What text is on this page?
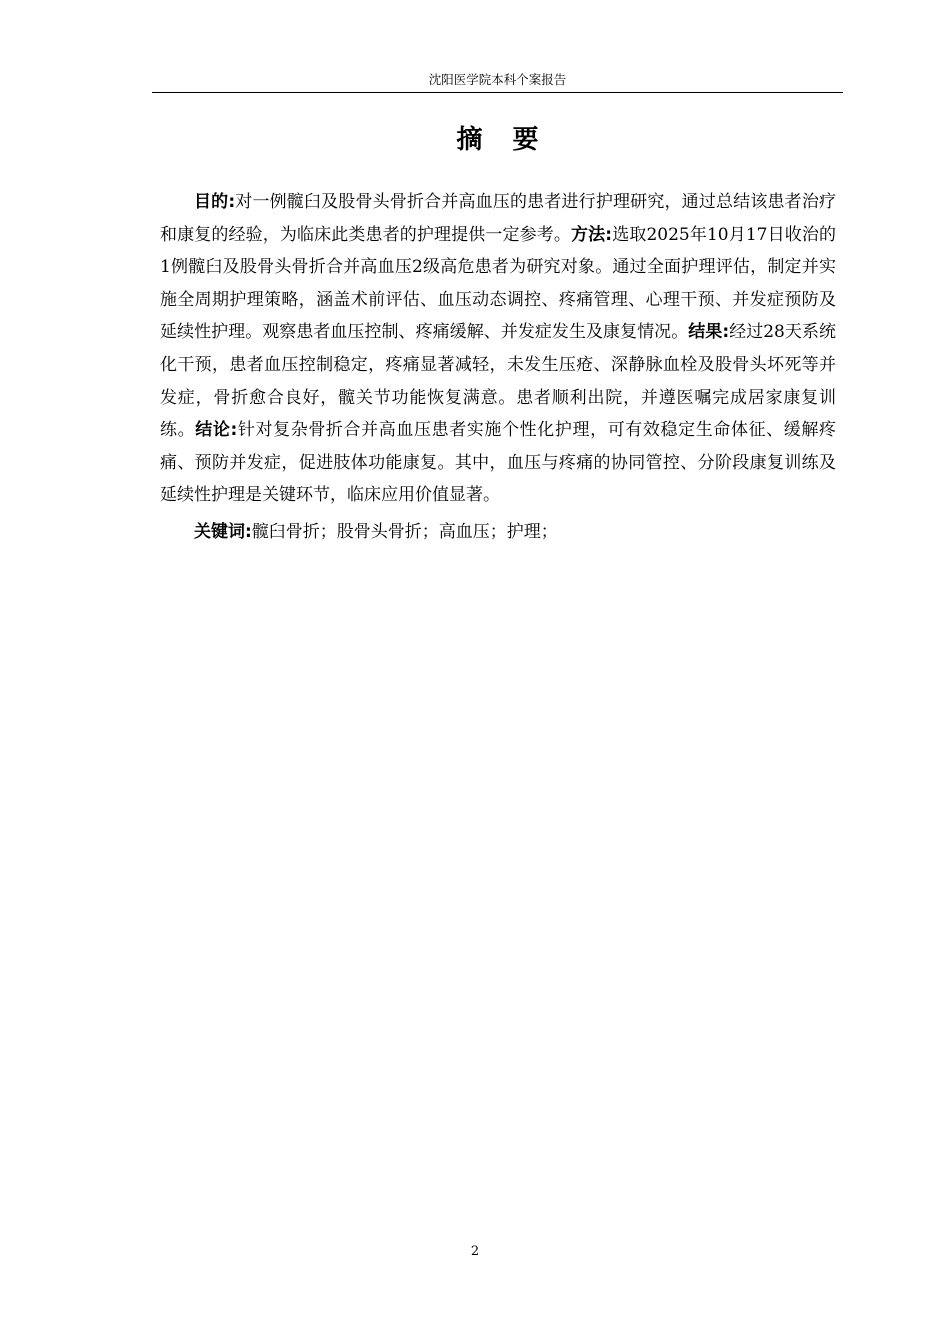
沈阳医学院本科个案报告
摘 要

目的:对一例髋臼及股骨头骨折合并高血压的患者进行护理研究，通过总结该患者治疗和康复的经验，为临床此类患者的护理提供一定参考。方法:选取2025年10月17日收治的1例髋臼及股骨头骨折合并高血压2级高危患者为研究对象。通过全面护理评估，制定并实施全周期护理策略，涵盖术前评估、血压动态调控、疼痛管理、心理干预、并发症预防及延续性护理。观察患者血压控制、疼痛缓解、并发症发生及康复情况。结果:经过28天系统化干预，患者血压控制稳定，疼痛显著减轻，未发生压疮、深静脉血栓及股骨头坏死等并发症，骨折愈合良好，髋关节功能恢复满意。患者顺利出院，并遵医嘱完成居家康复训练。结论:针对复杂骨折合并高血压患者实施个性化护理，可有效稳定生命体征、缓解疼痛、预防并发症，促进肢体功能康复。其中，血压与疼痛的协同管控、分阶段康复训练及延续性护理是关键环节，临床应用价值显著。

关键词:髋臼骨折；股骨头骨折；高血压；护理；

2
